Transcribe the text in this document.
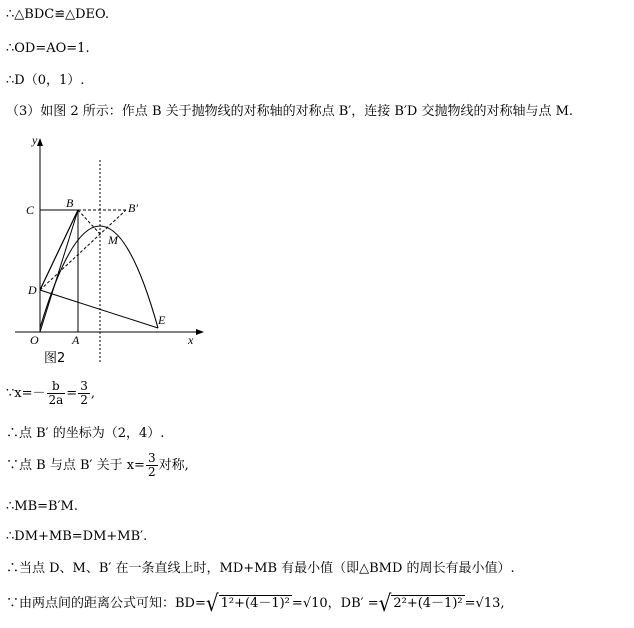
∴△BDC≌△DEO.
∴OD=AO=1.
∴D（0，1）.
（3）如图 2 所示：作点 B 关于抛物线的对称轴的对称点 B′，连接 B′D 交抛物线的对称轴与点 M.
y
x
C	B	B′
M
D
O	A
E
图2
∵x=－ $\frac{b}{2a} = \frac{3}{2}$ ,
∴点 B′ 的坐标为（2，4）.
∵点 B 与点 B′ 关于 $x= \frac{3}{2}$ 对称,
∴MB=B′M.
∴DM+MB=DM+MB′.
∴当点 D、M、B′ 在一条直线上时，MD+MB 有最小值（即△BMD 的周长有最小值）.
∵由两点间的距离公式可知：BD=√ 1²+(4－1)² =√10，DB′ =√ 2²+(4－1)² =√13,
